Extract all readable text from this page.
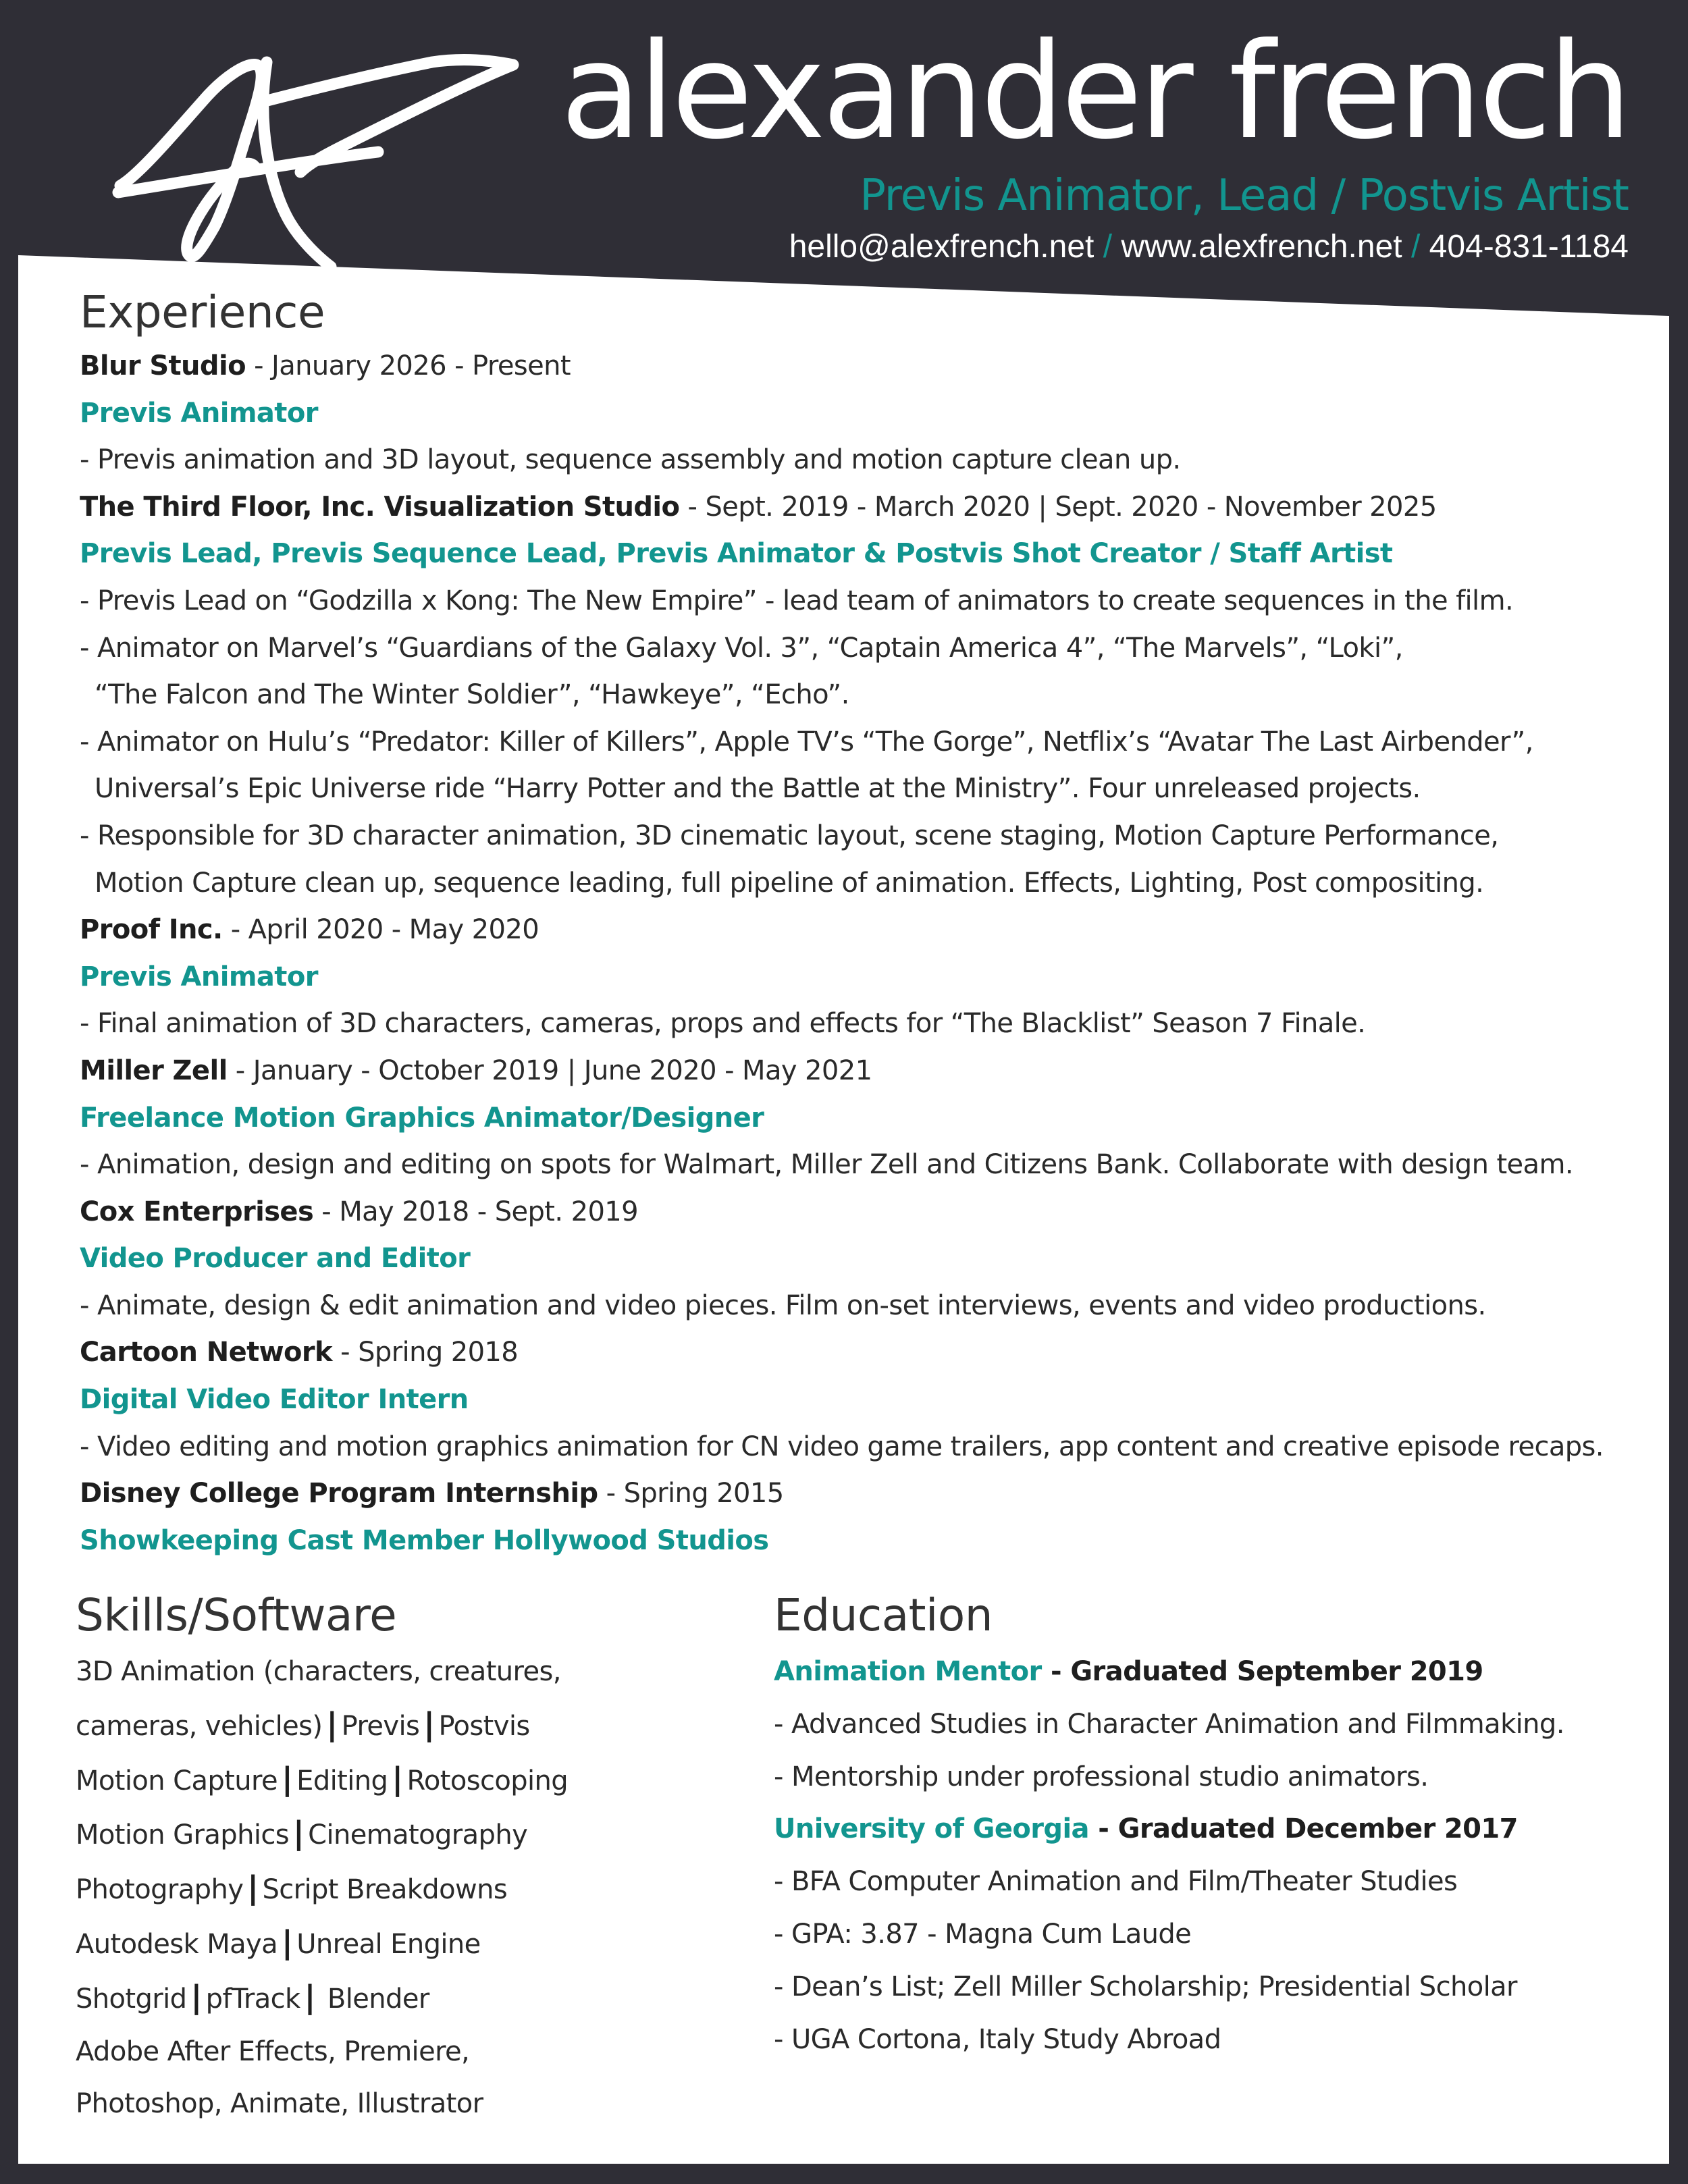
alexander french
Previs Animator, Lead / Postvis Artist
hello@alexfrench.net / www.alexfrench.net / 404-831-1184
Experience
Blur Studio - January 2026 - Present
Previs Animator
- Previs animation and 3D layout, sequence assembly and motion capture clean up.
The Third Floor, Inc. Visualization Studio - Sept. 2019 - March 2020 | Sept. 2020 - November 2025
Previs Lead, Previs Sequence Lead, Previs Animator & Postvis Shot Creator / Staff Artist
- Previs Lead on “Godzilla x Kong: The New Empire” - lead team of animators to create sequences in the film.
- Animator on Marvel’s “Guardians of the Galaxy Vol. 3”, “Captain America 4”, “The Marvels”, “Loki”,
“The Falcon and The Winter Soldier”, “Hawkeye”, “Echo”.
- Animator on Hulu’s “Predator: Killer of Killers”, Apple TV’s “The Gorge”, Netflix’s “Avatar The Last Airbender”,
Universal’s Epic Universe ride “Harry Potter and the Battle at the Ministry”. Four unreleased projects.
- Responsible for 3D character animation, 3D cinematic layout, scene staging, Motion Capture Performance,
Motion Capture clean up, sequence leading, full pipeline of animation. Effects, Lighting, Post compositing.
Proof Inc. - April 2020 - May 2020
Previs Animator
- Final animation of 3D characters, cameras, props and effects for “The Blacklist” Season 7 Finale.
Miller Zell - January - October 2019 | June 2020 - May 2021
Freelance Motion Graphics Animator/Designer
- Animation, design and editing on spots for Walmart, Miller Zell and Citizens Bank. Collaborate with design team.
Cox Enterprises - May 2018 - Sept. 2019
Video Producer and Editor
- Animate, design & edit animation and video pieces. Film on-set interviews, events and video productions.
Cartoon Network - Spring 2018
Digital Video Editor Intern
- Video editing and motion graphics animation for CN video game trailers, app content and creative episode recaps.
Disney College Program Internship - Spring 2015
Showkeeping Cast Member Hollywood Studios
Skills/Software
3D Animation (characters, creatures,
cameras, vehicles) | Previs | Postvis
Motion Capture | Editing | Rotoscoping
Motion Graphics | Cinematography
Photography | Script Breakdowns
Autodesk Maya | Unreal Engine
Shotgrid | pfTrack | Blender
Adobe After Effects, Premiere,
Photoshop, Animate, Illustrator
Education
Animation Mentor - Graduated September 2019
- Advanced Studies in Character Animation and Filmmaking.
- Mentorship under professional studio animators.
University of Georgia - Graduated December 2017
- BFA Computer Animation and Film/Theater Studies
- GPA: 3.87 - Magna Cum Laude
- Dean’s List; Zell Miller Scholarship; Presidential Scholar
- UGA Cortona, Italy Study Abroad
